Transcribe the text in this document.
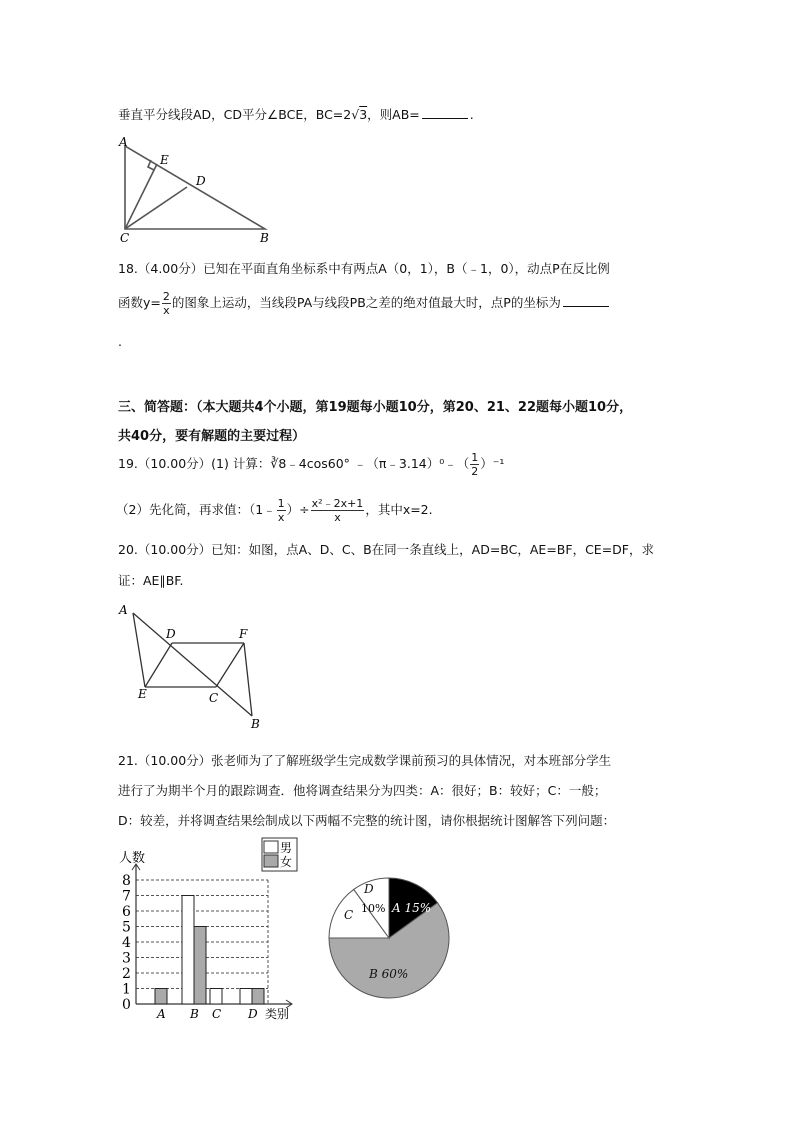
垂直平分线段AD，CD平分∠BCE，BC=2√3，则AB=	.
A
E
D
C	B
A
D	F
E	C
B
0
1
2
3
4
5
6
7
8
人数
类别
A B C D
男
女
A 15%
B 60%
C
D
10%
18.（4.00分）已知在平面直角坐标系中有两点A（0，1），B（﹣1，0），动点P在反比例
函数$y= \frac{2}{x}$ 的图象上运动，当线段PA与线段PB之差的绝对值最大时，点P的坐标为
.
三、简答题：（本大题共4个小题，第19题每小题10分，第20、21、22题每小题10分，
共40分，要有解题的主要过程）
19.（10.00分）(1) 计算：∛8﹣4cos60° ﹣（π﹣3.14）⁰﹣（ $\frac{1}{2} )^{-1}$
（2）先化简，再求值：（1﹣ $\frac{1}{x}$ ）÷ $\frac{\text{x²﹣2x+1}}{x}$ ，其中x=2.
20.（10.00分）已知：如图，点A、D、C、B在同一条直线上，AD=BC，AE=BF，CE=DF，求
证：AE∥BF.
21.（10.00分）张老师为了了解班级学生完成数学课前预习的具体情况，对本班部分学生
进行了为期半个月的跟踪调查．他将调查结果分为四类：A：很好；B：较好；C：一般；
D：较差，并将调查结果绘制成以下两幅不完整的统计图，请你根据统计图解答下列问题：
